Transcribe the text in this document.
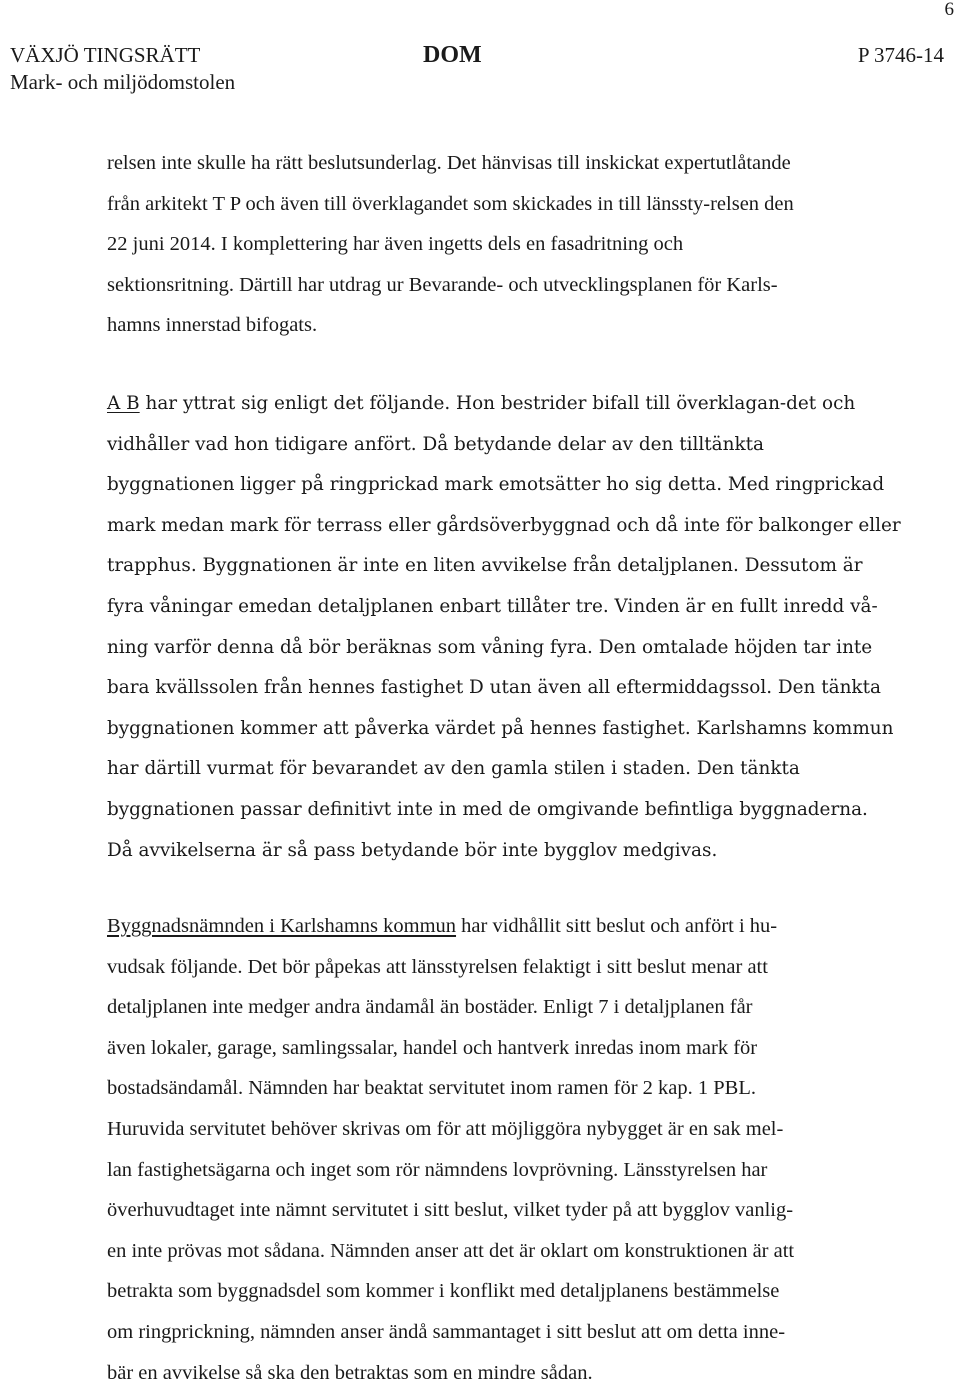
6
VÄXJÖ TINGSRÄTT
Mark- och miljödomstolen
DOM	P 3746-14
relsen inte skulle ha rätt beslutsunderlag. Det hänvisas till inskickat expertutlåtande
från arkitekt T P och även till överklagandet som skickades in till länssty-relsen den
22 juni 2014. I komplettering har även ingetts dels en fasadritning och
sektionsritning. Därtill har utdrag ur Bevarande- och utvecklingsplanen för Karls-
hamns innerstad bifogats.
A B har yttrat sig enligt det följande. Hon bestrider bifall till överklagan-det och
vidhåller vad hon tidigare anfört. Då betydande delar av den tilltänkta
byggnationen ligger på ringprickad mark emotsätter ho sig detta. Med ringprickad
mark medan mark för terrass eller gårdsöverbyggnad och då inte för balkonger eller
trapphus. Byggnationen är inte en liten avvikelse från detaljplanen. Dessutom är
fyra våningar emedan detaljplanen enbart tillåter tre. Vinden är en fullt inredd vå-
ning varför denna då bör beräknas som våning fyra. Den omtalade höjden tar inte
bara kvällssolen från hennes fastighet D utan även all eftermiddagssol. Den tänkta
byggnationen kommer att påverka värdet på hennes fastighet. Karlshamns kommun
har därtill vurmat för bevarandet av den gamla stilen i staden. Den tänkta
byggnationen passar definitivt inte in med de omgivande befintliga byggnaderna.
Då avvikelserna är så pass betydande bör inte bygglov medgivas.
Byggnadsnämnden i Karlshamns kommun har vidhållit sitt beslut och anfört i hu-
vudsak följande. Det bör påpekas att länsstyrelsen felaktigt i sitt beslut menar att
detaljplanen inte medger andra ändamål än bostäder. Enligt 7 i detaljplanen får
även lokaler, garage, samlingssalar, handel och hantverk inredas inom mark för
bostadsändamål. Nämnden har beaktat servitutet inom ramen för 2 kap. 1 PBL.
Huruvida servitutet behöver skrivas om för att möjliggöra nybygget är en sak mel-
lan fastighetsägarna och inget som rör nämndens lovprövning. Länsstyrelsen har
överhuvudtaget inte nämnt servitutet i sitt beslut, vilket tyder på att bygglov vanlig-
en inte prövas mot sådana. Nämnden anser att det är oklart om konstruktionen är att
betrakta som byggnadsdel som kommer i konflikt med detaljplanens bestämmelse
om ringprickning, nämnden anser ändå sammantaget i sitt beslut att om detta inne-
bär en avvikelse så ska den betraktas som en mindre sådan.
